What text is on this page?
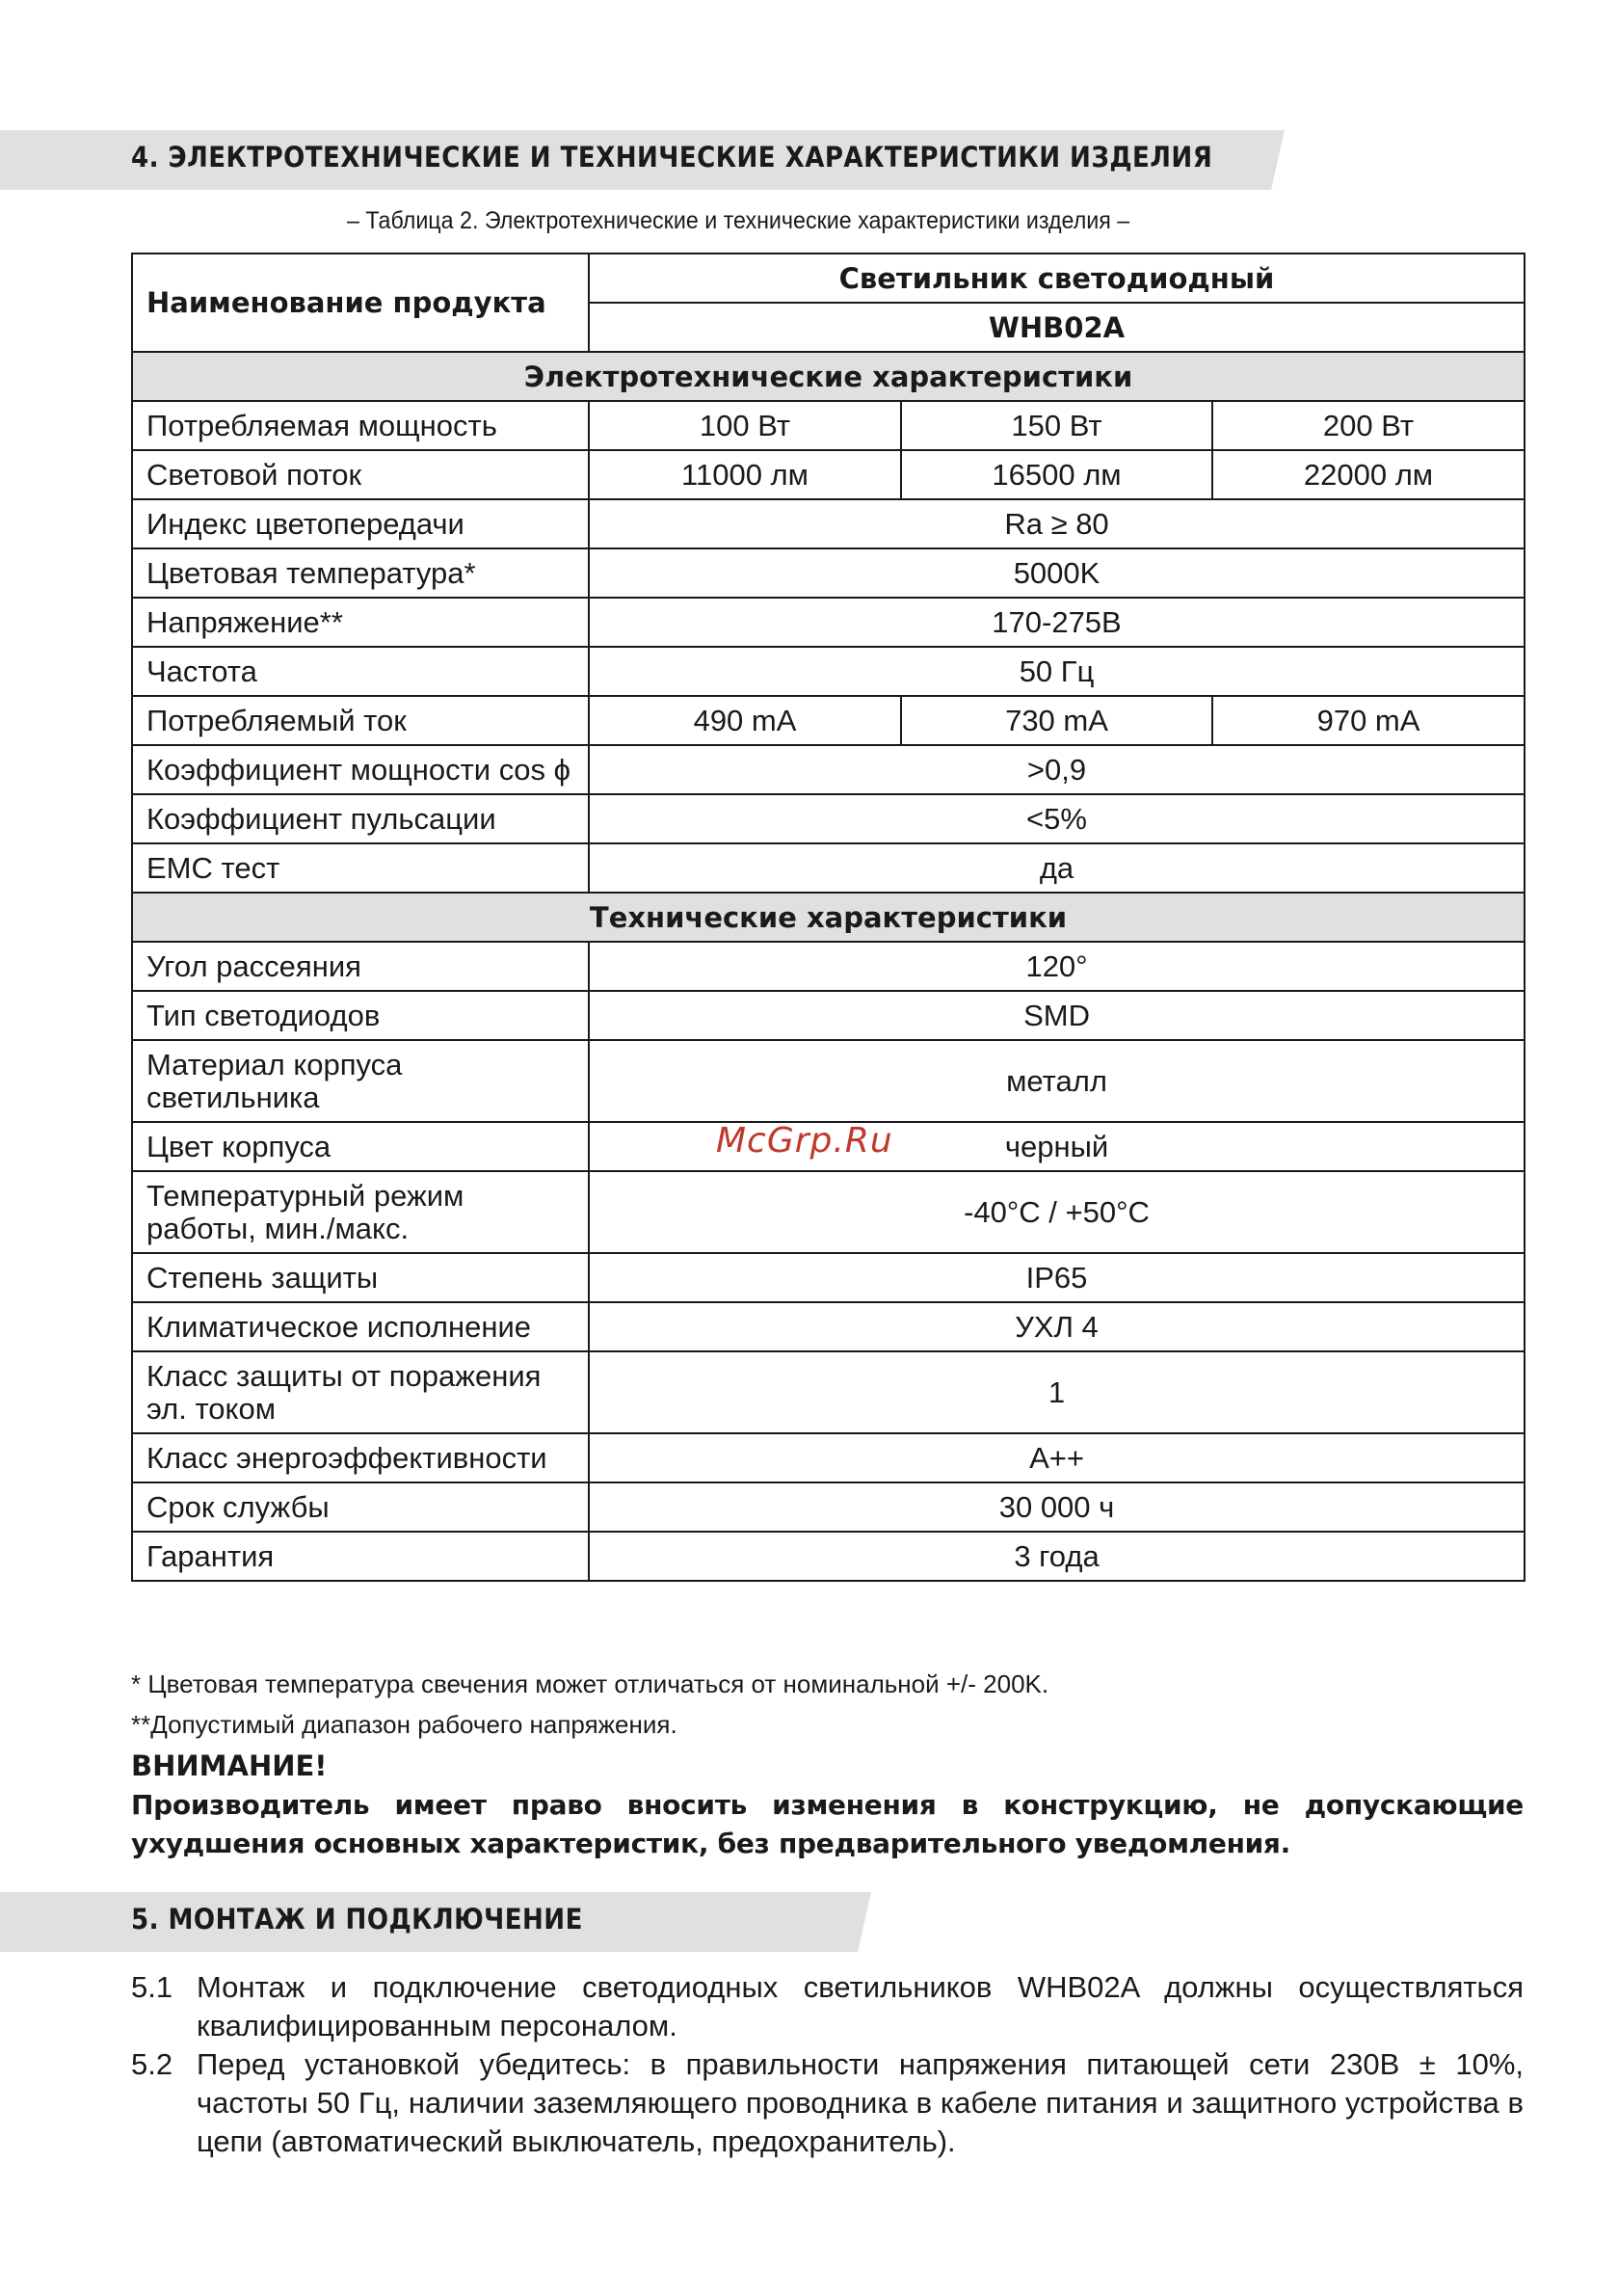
4. ЭЛЕКТРОТЕХНИЧЕСКИЕ И ТЕХНИЧЕСКИЕ ХАРАКТЕРИСТИКИ ИЗДЕЛИЯ
– Таблица 2. Электротехнические и технические характеристики изделия –
Наименование продукта	Светильник светодиодный		
	WHB02A		
Электротехнические характеристики			
Потребляемая мощность	100 Вт	150 Вт	200 Вт
Световой поток	11000 лм	16500 лм	22000 лм
Индекс цветопередачи	Ra ≥ 80		
Цветовая температура*	5000K		
Напряжение**	170-275В		
Частота	50 Гц		
Потребляемый ток	490 mA	730 mA	970 mA
Коэффициент мощности cos ϕ	>0,9		
Коэффициент пульсации	<5%		
EMC тест	да		
Технические характеристики			
Угол рассеяния	120°		
Тип светодиодов	SMD		
Материал корпуса светильника	металл		
Цвет корпуса	черный		
Температурный режим работы, мин./макс.	-40°C / +50°C		
Степень защиты	IP65		
Климатическое исполнение	УХЛ 4		
Класс защиты от поражения эл. током	1		
Класс энергоэффективности	A++		
Срок службы	30 000 ч		
Гарантия	3 года		
McGrp.Ru
* Цветовая температура свечения может отличаться от номинальной +/- 200K.
**Допустимый диапазон рабочего напряжения.
ВНИМАНИЕ!
Производитель имеет право вносить изменения в конструкцию, не допускающие ухудшения основных характеристик, без предварительного уведомления.
5. МОНТАЖ И ПОДКЛЮЧЕНИЕ
5.1 Монтаж и подключение светодиодных светильников WHB02A должны осуществляться квалифицированным персоналом.
5.2 Перед установкой убедитесь: в правильности напряжения питающей сети 230В ± 10%, частоты 50 Гц, наличии заземляющего проводника в кабеле питания и защитного устройства в цепи (автоматический выключатель, предохранитель).
